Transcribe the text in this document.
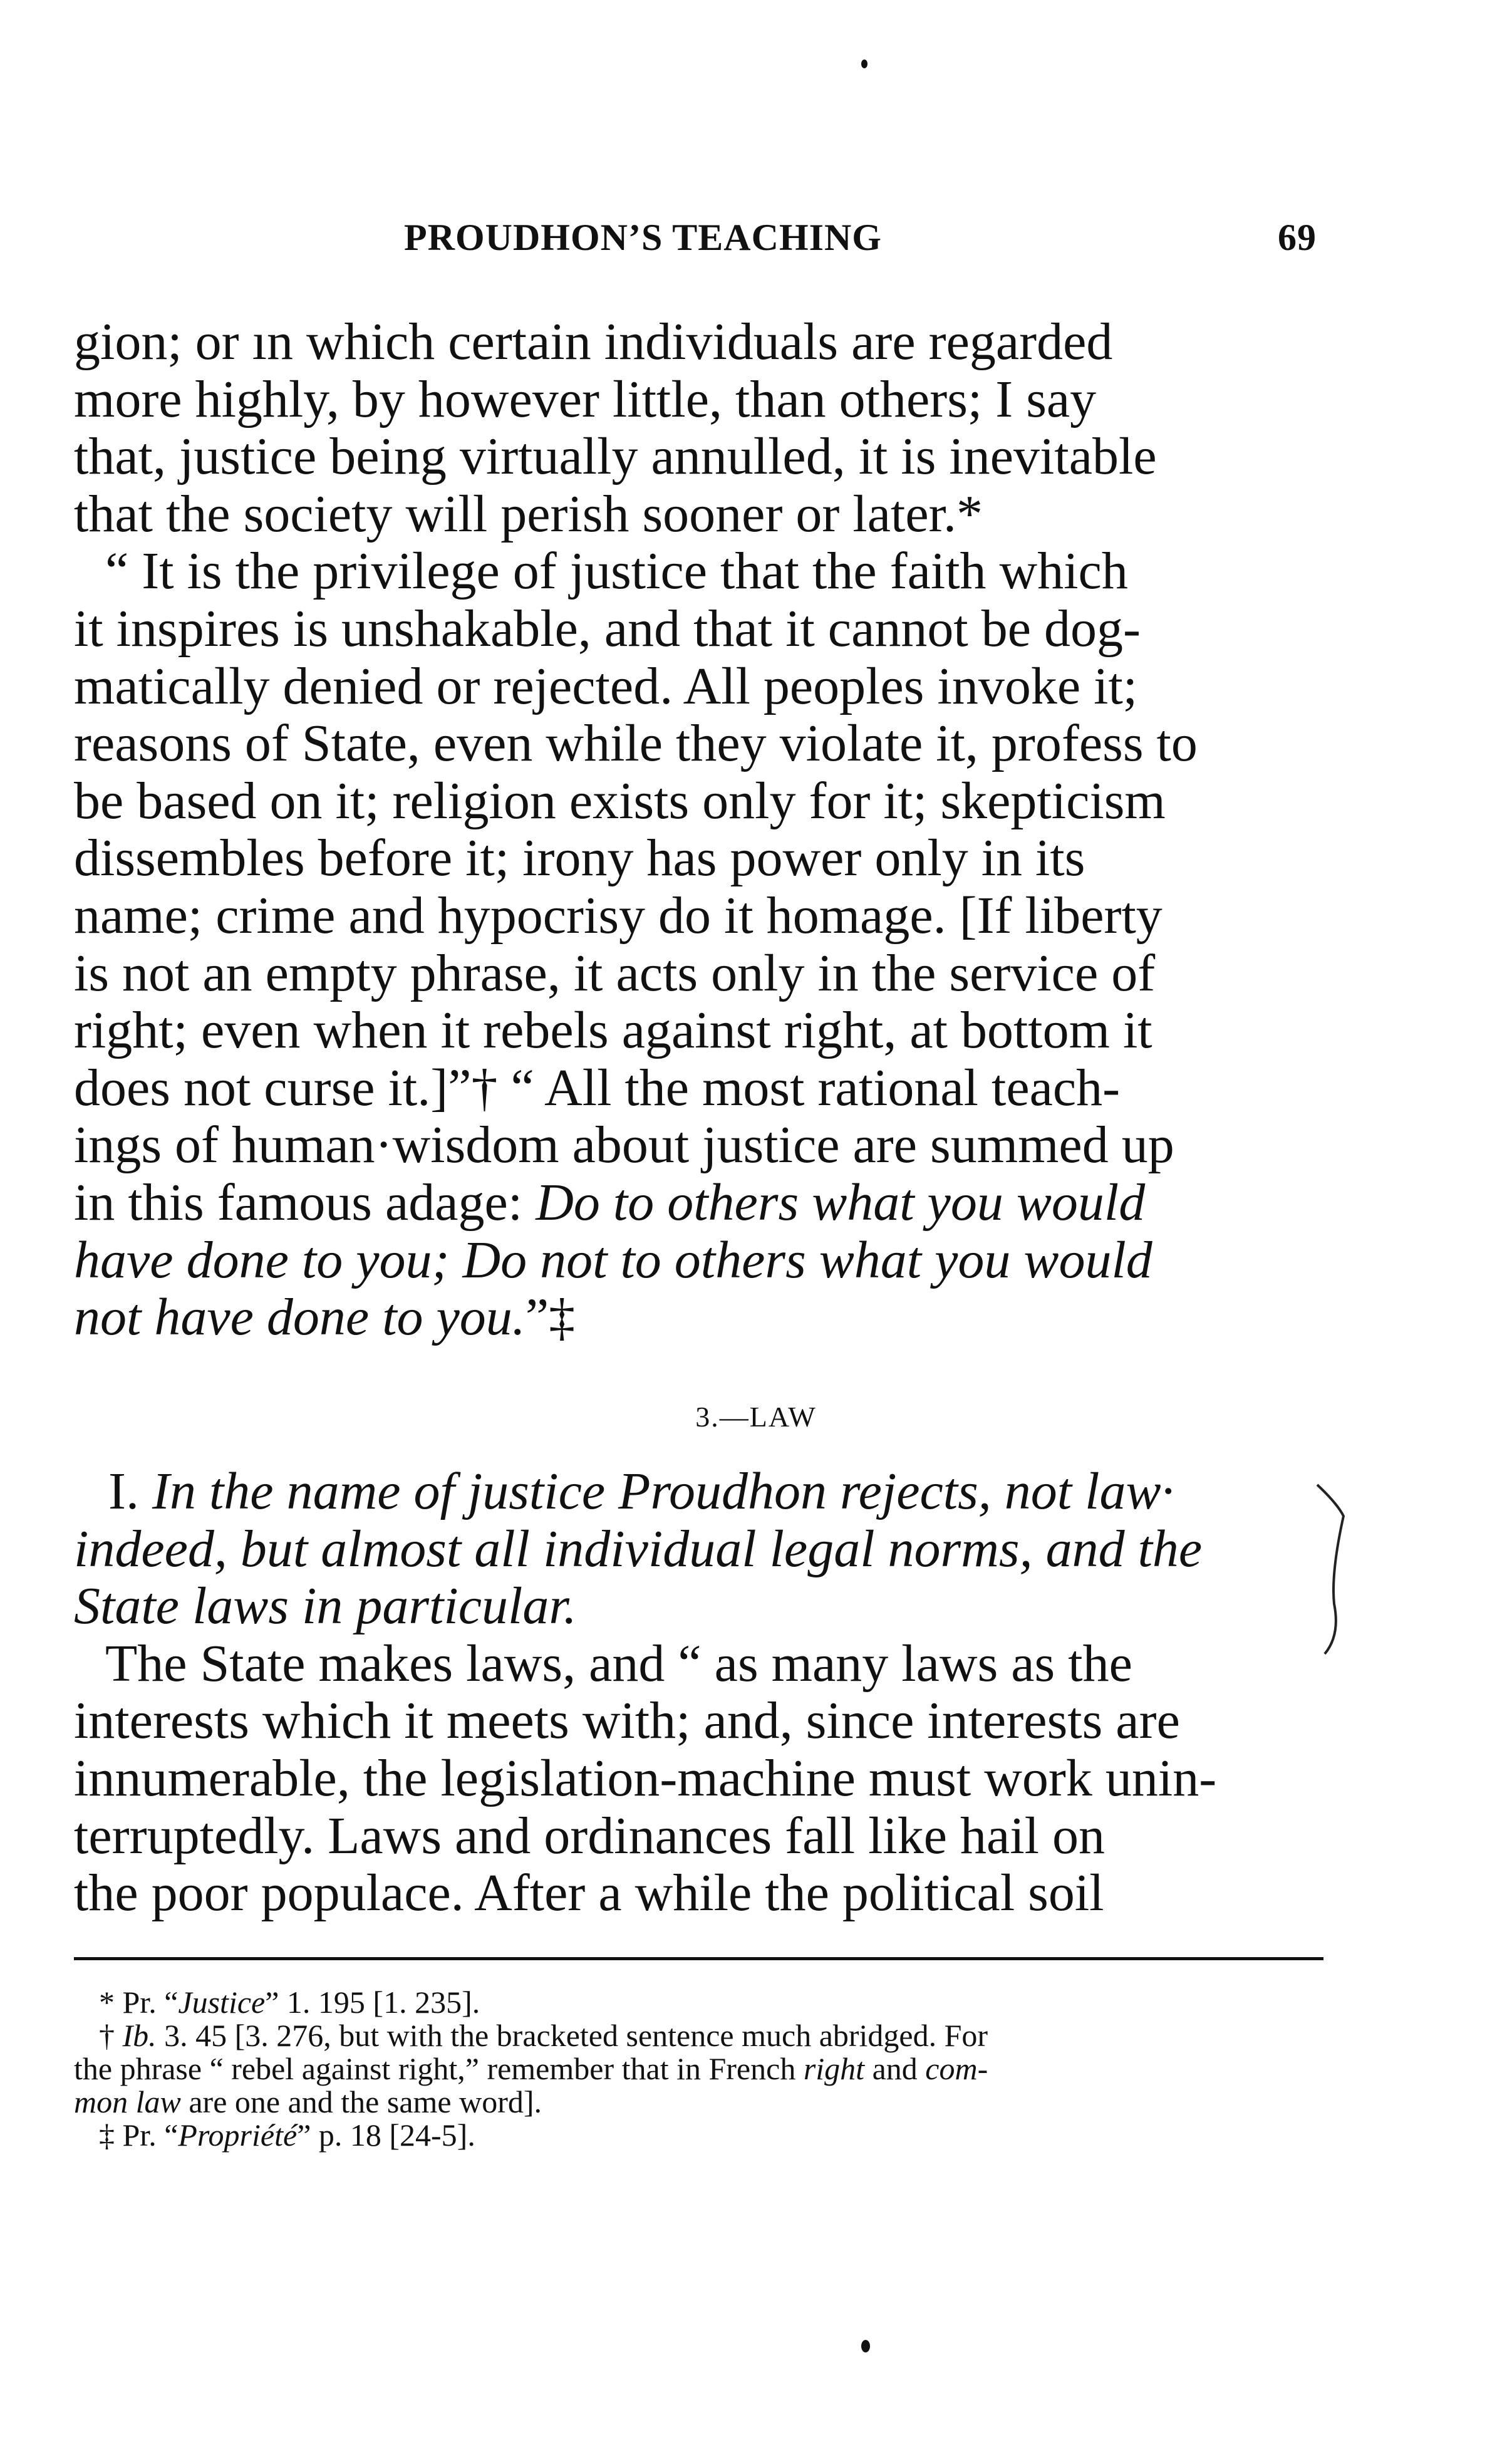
PROUDHON’S TEACHING	69
gion; or ın which certain individuals are regarded
more highly, by however little, than others; I say
that, justice being virtually annulled, it is inevitable
that the society will perish sooner or later.*
“ It is the privilege of justice that the faith which
it inspires is unshakable, and that it cannot be dog-
matically denied or rejected. All peoples invoke it;
reasons of State, even while they violate it, profess to
be based on it; religion exists only for it; skepticism
dissembles before it; irony has power only in its
name; crime and hypocrisy do it homage. [If liberty
is not an empty phrase, it acts only in the service of
right; even when it rebels against right, at bottom it
does not curse it.]”† “ All the most rational teach-
ings of human·wisdom about justice are summed up
in this famous adage: Do to others what you would
have done to you; Do not to others what you would
not have done to you.”‡
3.—LAW
I. In the name of justice Proudhon rejects, not law·
indeed, but almost all individual legal norms, and the
State laws in particular.
The State makes laws, and “ as many laws as the
interests which it meets with; and, since interests are
innumerable, the legislation-machine must work unin-
terruptedly. Laws and ordinances fall like hail on
the poor populace. After a while the political soil
* Pr. “Justice” 1. 195 [1. 235].
† Ib. 3. 45 [3. 276, but with the bracketed sentence much abridged. For
the phrase “ rebel against right,” remember that in French right and com-
mon law are one and the same word].
‡ Pr. “Propriété” p. 18 [24-5].
